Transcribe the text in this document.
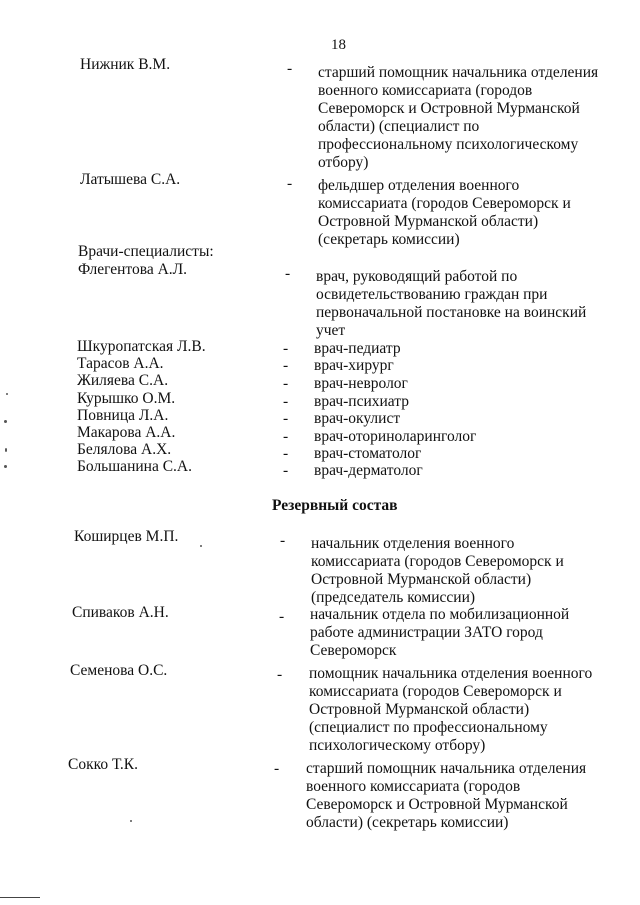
18
Нижник В.М.	- старший помощник начальника отделения
военного комиссариата (городов
Североморск и Островной Мурманской
области) (специалист по
профессиональному психологическому
отбору)
Латышева С.А.	- фельдшер отделения военного
комиссариата (городов Североморск и
Островной Мурманской области)
(секретарь комиссии)
Врачи-специалисты:
Флегентова А.Л.	- врач, руководящий работой по
освидетельствованию граждан при
первоначальной постановке на воинский
учет
Шкуропатская Л.В.	- врач-педиатр
Тарасов А.А.	- врач-хирург
Жиляева С.А.	- врач-невролог
Курышко О.М.	- врач-психиатр
Повница Л.А.	- врач-окулист
Макарова А.А.	- врач-оториноларинголог
Белялова А.Х.	- врач-стоматолог
Большанина С.А.	- врач-дерматолог
Резервный состав
Коширцев М.П.	- начальник отделения военного
комиссариата (городов Североморск и
Островной Мурманской области)
(председатель комиссии)
Спиваков А.Н.	- начальник отдела по мобилизационной
работе администрации ЗАТО город
Североморск
Семенова О.С.	- помощник начальника отделения военного
комиссариата (городов Североморск и
Островной Мурманской области)
(специалист по профессиональному
психологическому отбору)
Сокко Т.К.	- старший помощник начальника отделения
военного комиссариата (городов
Североморск и Островной Мурманской
области) (секретарь комиссии)
